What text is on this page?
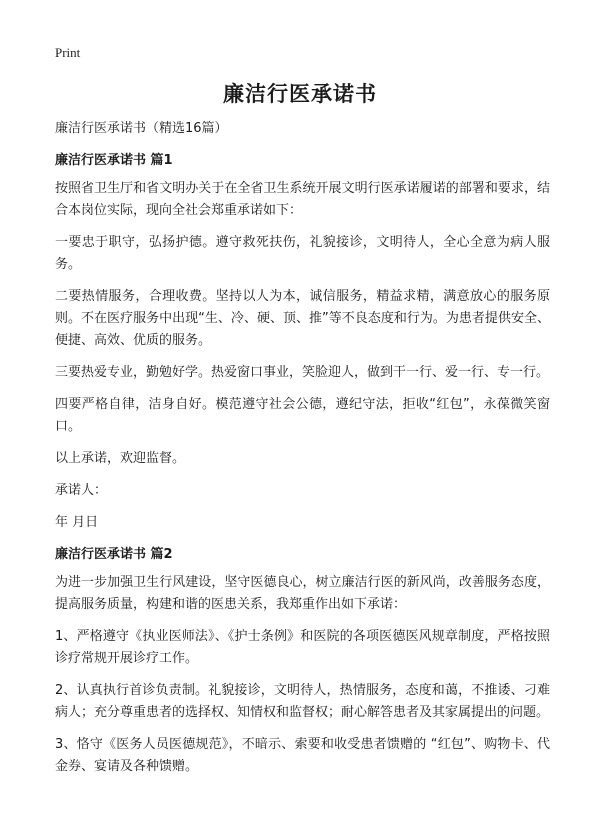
Print
廉洁行医承诺书

廉洁行医承诺书（精选16篇）

廉洁行医承诺书 篇1

按照省卫生厅和省文明办关于在全省卫生系统开展文明行医承诺履诺的部署和要求，结合本岗位实际，现向全社会郑重承诺如下：

一要忠于职守，弘扬护德。遵守救死扶伤，礼貌接诊，文明待人，全心全意为病人服务。

二要热情服务，合理收费。坚持以人为本，诚信服务，精益求精，满意放心的服务原则。不在医疗服务中出现“生、冷、硬、顶、推”等不良态度和行为。为患者提供安全、便捷、高效、优质的服务。

三要热爱专业，勤勉好学。热爱窗口事业，笑脸迎人，做到干一行、爱一行、专一行。

四要严格自律，洁身自好。模范遵守社会公德，遵纪守法，拒收“红包”，永葆微笑窗口。

以上承诺，欢迎监督。

承诺人：

年 月日

廉洁行医承诺书 篇2

为进一步加强卫生行风建设，坚守医德良心，树立廉洁行医的新风尚，改善服务态度，提高服务质量，构建和谐的医患关系，我郑重作出如下承诺：

1、严格遵守《执业医师法》、《护士条例》和医院的各项医德医风规章制度，严格按照诊疗常规开展诊疗工作。

2、认真执行首诊负责制。礼貌接诊，文明待人，热情服务，态度和蔼，不推诿、刁难病人；充分尊重患者的选择权、知情权和监督权；耐心解答患者及其家属提出的问题。

3、恪守《医务人员医德规范》，不暗示、索要和收受患者馈赠的 “红包”、购物卡、代金券、宴请及各种馈赠。
